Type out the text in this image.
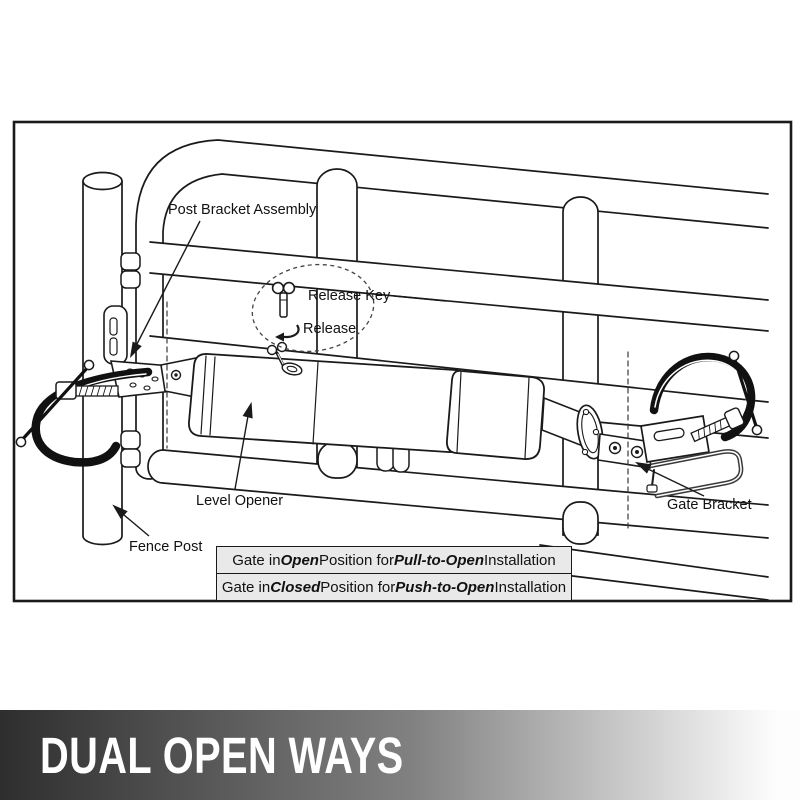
Post Bracket Assembly
Release Key
Release
Level Opener
Fence Post
Gate Bracket
Gate in Open Position for Pull-to-Open Installation
Gate in Closed Position for Push-to-Open Installation
DUAL OPEN WAYS
